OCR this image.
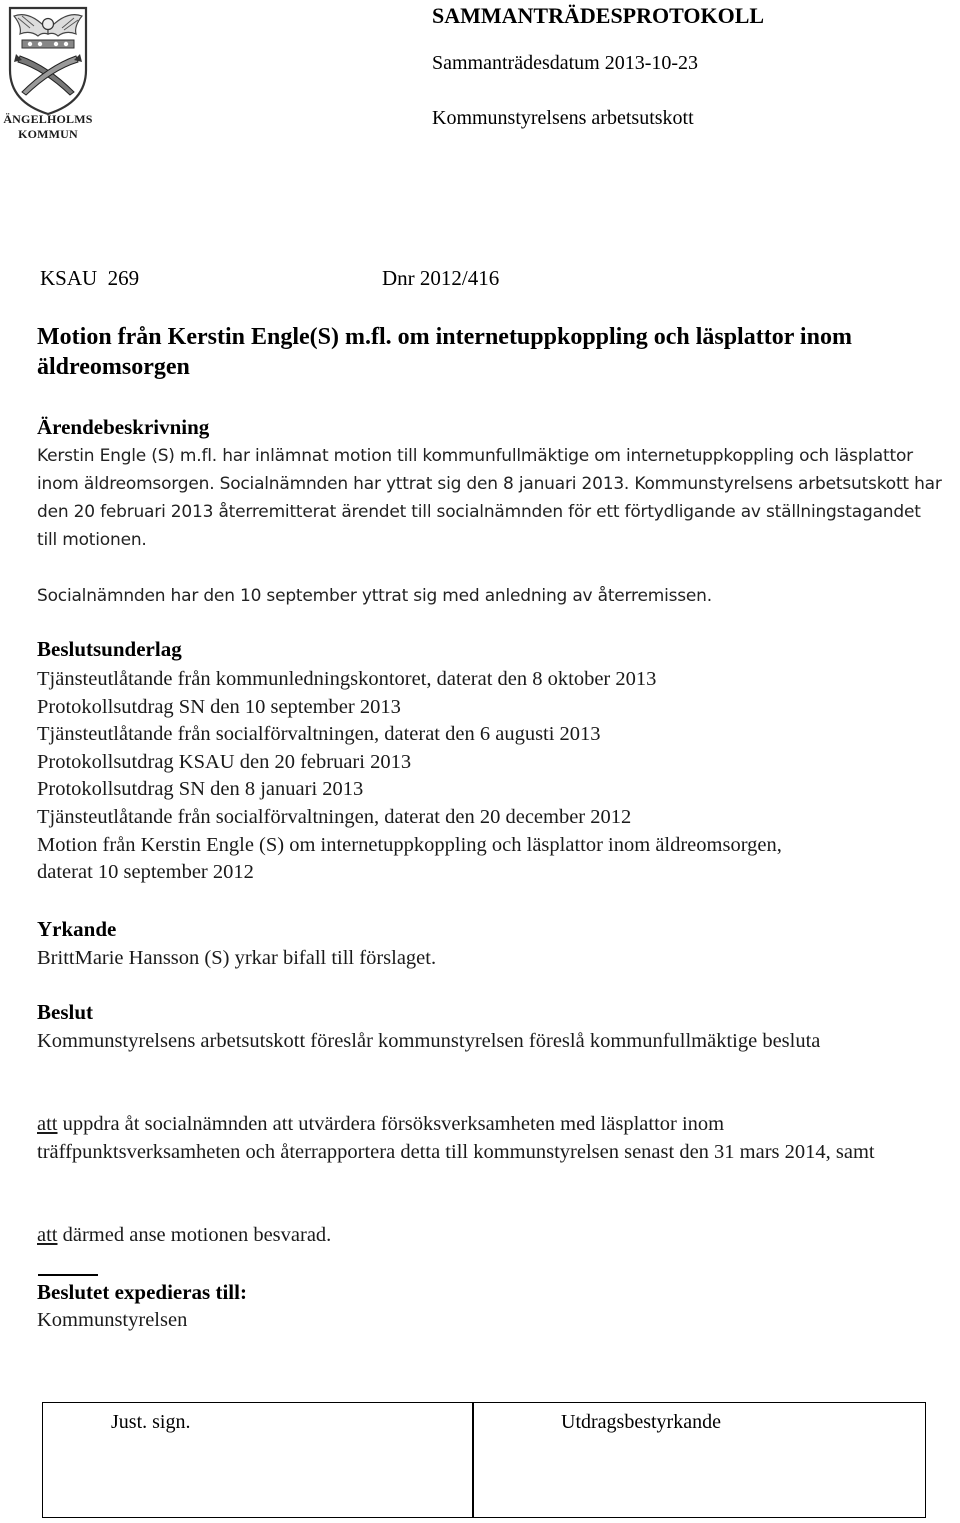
ÄNGELHOLMS
KOMMUN
SAMMANTRÄDESPROTOKOLL
Sammanträdesdatum 2013-10-23
Kommunstyrelsens arbetsutskott
KSAU  269	Dnr 2012/416
Motion från Kerstin Engle(S) m.fl. om internetuppkoppling och läsplattor inom äldreomsorgen
Ärendebeskrivning
Kerstin Engle (S) m.fl. har inlämnat motion till kommunfullmäktige om internetuppkoppling och läsplattor inom äldreomsorgen. Socialnämnden har yttrat sig den 8 januari 2013. Kommunstyrelsens arbetsutskott har den 20 februari 2013 återremitterat ärendet till socialnämnden för ett förtydligande av ställningstagandet till motionen.
Socialnämnden har den 10 september yttrat sig med anledning av återremissen.
Beslutsunderlag
Tjänsteutlåtande från kommunledningskontoret, daterat den 8 oktober 2013
Protokollsutdrag SN den 10 september 2013
Tjänsteutlåtande från socialförvaltningen, daterat den 6 augusti 2013
Protokollsutdrag KSAU den 20 februari 2013
Protokollsutdrag SN den 8 januari 2013
Tjänsteutlåtande från socialförvaltningen, daterat den 20 december 2012
Motion från Kerstin Engle (S) om internetuppkoppling och läsplattor inom äldreomsorgen,
daterat 10 september 2012
Yrkande
BrittMarie Hansson (S) yrkar bifall till förslaget.
Beslut
Kommunstyrelsens arbetsutskott föreslår kommunstyrelsen föreslå kommunfullmäktige besluta
att uppdra åt socialnämnden att utvärdera försöksverksamheten med läsplattor inom träffpunktsverksamheten och återrapportera detta till kommunstyrelsen senast den 31 mars 2014, samt
att därmed anse motionen besvarad.
Beslutet expedieras till:
Kommunstyrelsen
Just. sign.	Utdragsbestyrkande
